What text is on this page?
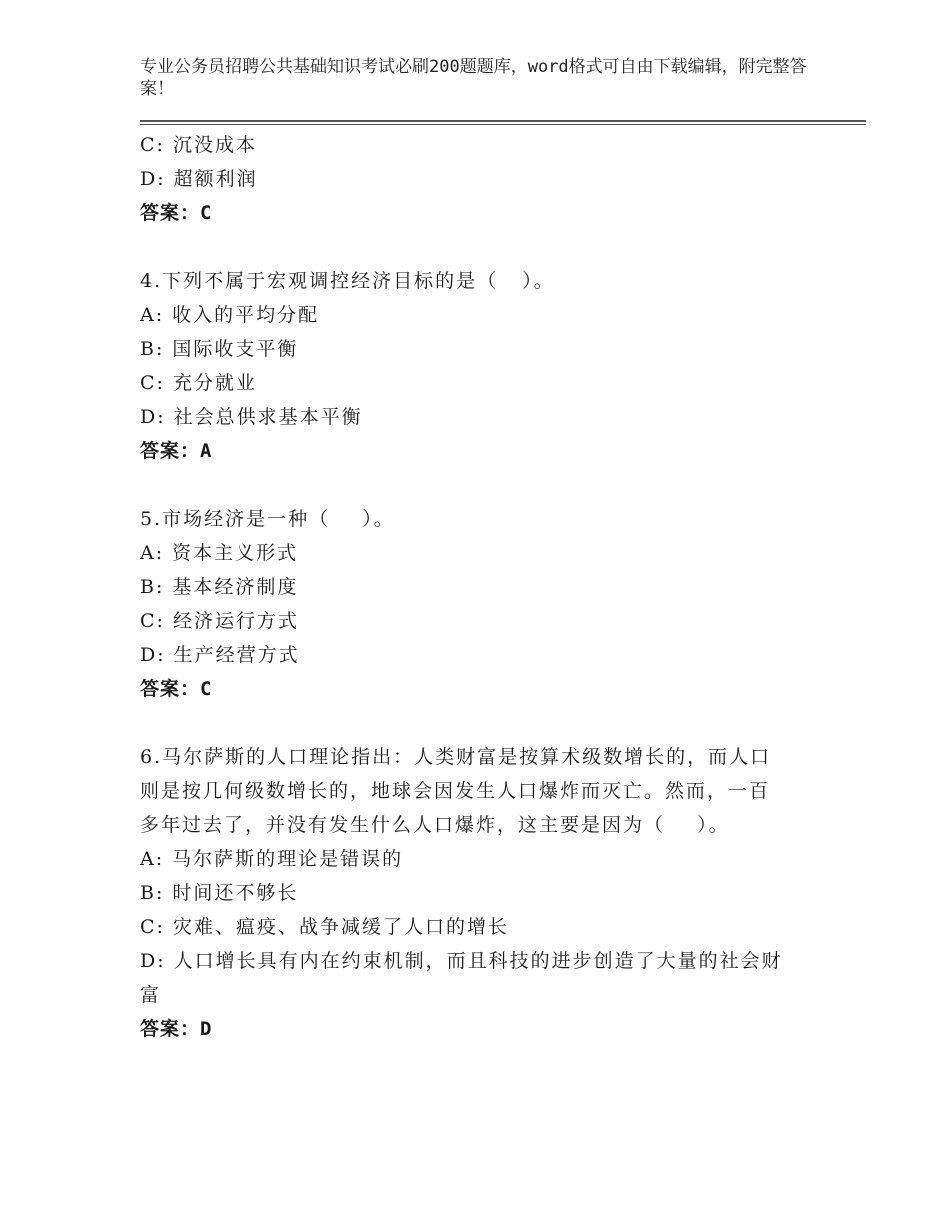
专业公务员招聘公共基础知识考试必刷200题题库，word格式可自由下载编辑，附完整答案！
C: 沉没成本
D: 超额利润
答案：C
4.下列不属于宏观调控经济目标的是（   ）。
A: 收入的平均分配
B: 国际收支平衡
C: 充分就业
D: 社会总供求基本平衡
答案：A
5.市场经济是一种（    ）。
A: 资本主义形式
B: 基本经济制度
C: 经济运行方式
D: 生产经营方式
答案：C
6.马尔萨斯的人口理论指出：人类财富是按算术级数增长的，而人口
则是按几何级数增长的，地球会因发生人口爆炸而灭亡。然而，一百
多年过去了，并没有发生什么人口爆炸，这主要是因为（    ）。
A: 马尔萨斯的理论是错误的
B: 时间还不够长
C: 灾难、瘟疫、战争减缓了人口的增长
D: 人口增长具有内在约束机制，而且科技的进步创造了大量的社会财
富
答案：D
